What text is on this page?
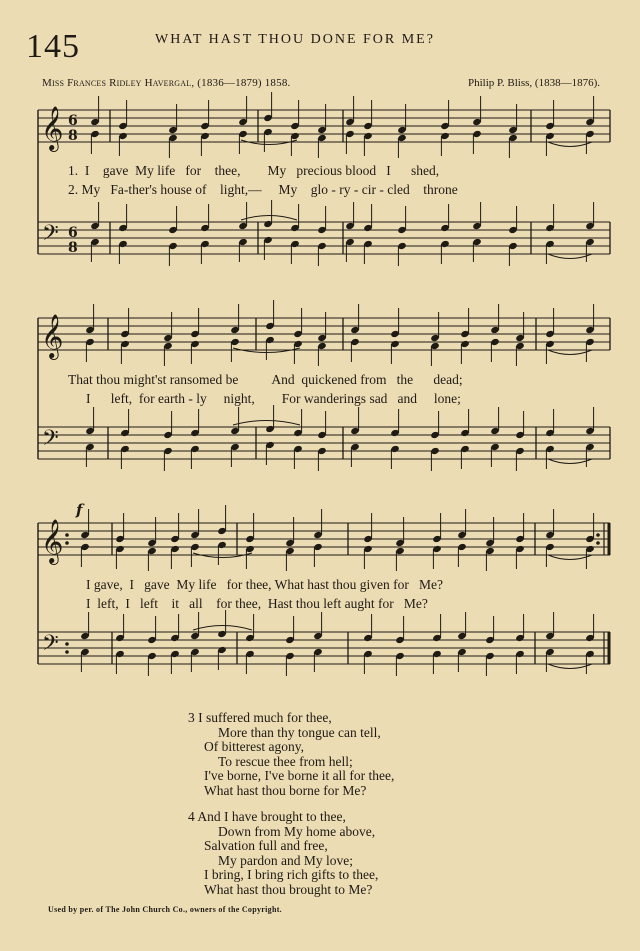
145	WHAT HAST THOU DONE FOR ME?
Miss Frances Ridley Havergal, (1836—1879) 1858.	Philip P. Bliss, (1838—1876).
𝄞
𝄢
6
8
6
8
𝄞
𝄢
𝄞
𝄢
f
1.  I    gave  My life   for    thee,        My   precious blood   I      shed,
2. My   Fa-ther's house of    light,—     My    glo - ry - cir - cled    throne
That thou might'st ransomed be          And  quickened from   the      dead;
I      left,  for earth - ly     night,        For wanderings sad   and     lone;
I gave,  I   gave  My life   for thee, What hast thou given for   Me?
I  left,  I   left    it   all    for thee,  Hast thou left aught for   Me?
3 I suffered much for thee,
More than thy tongue can tell,
Of bitterest agony,
To rescue thee from hell;
I've borne, I've borne it all for thee,
What hast thou borne for Me?
4 And I have brought to thee,
Down from My home above,
Salvation full and free,
My pardon and My love;
I bring, I bring rich gifts to thee,
What hast thou brought to Me?
Used by per. of The John Church Co., owners of the Copyright.
